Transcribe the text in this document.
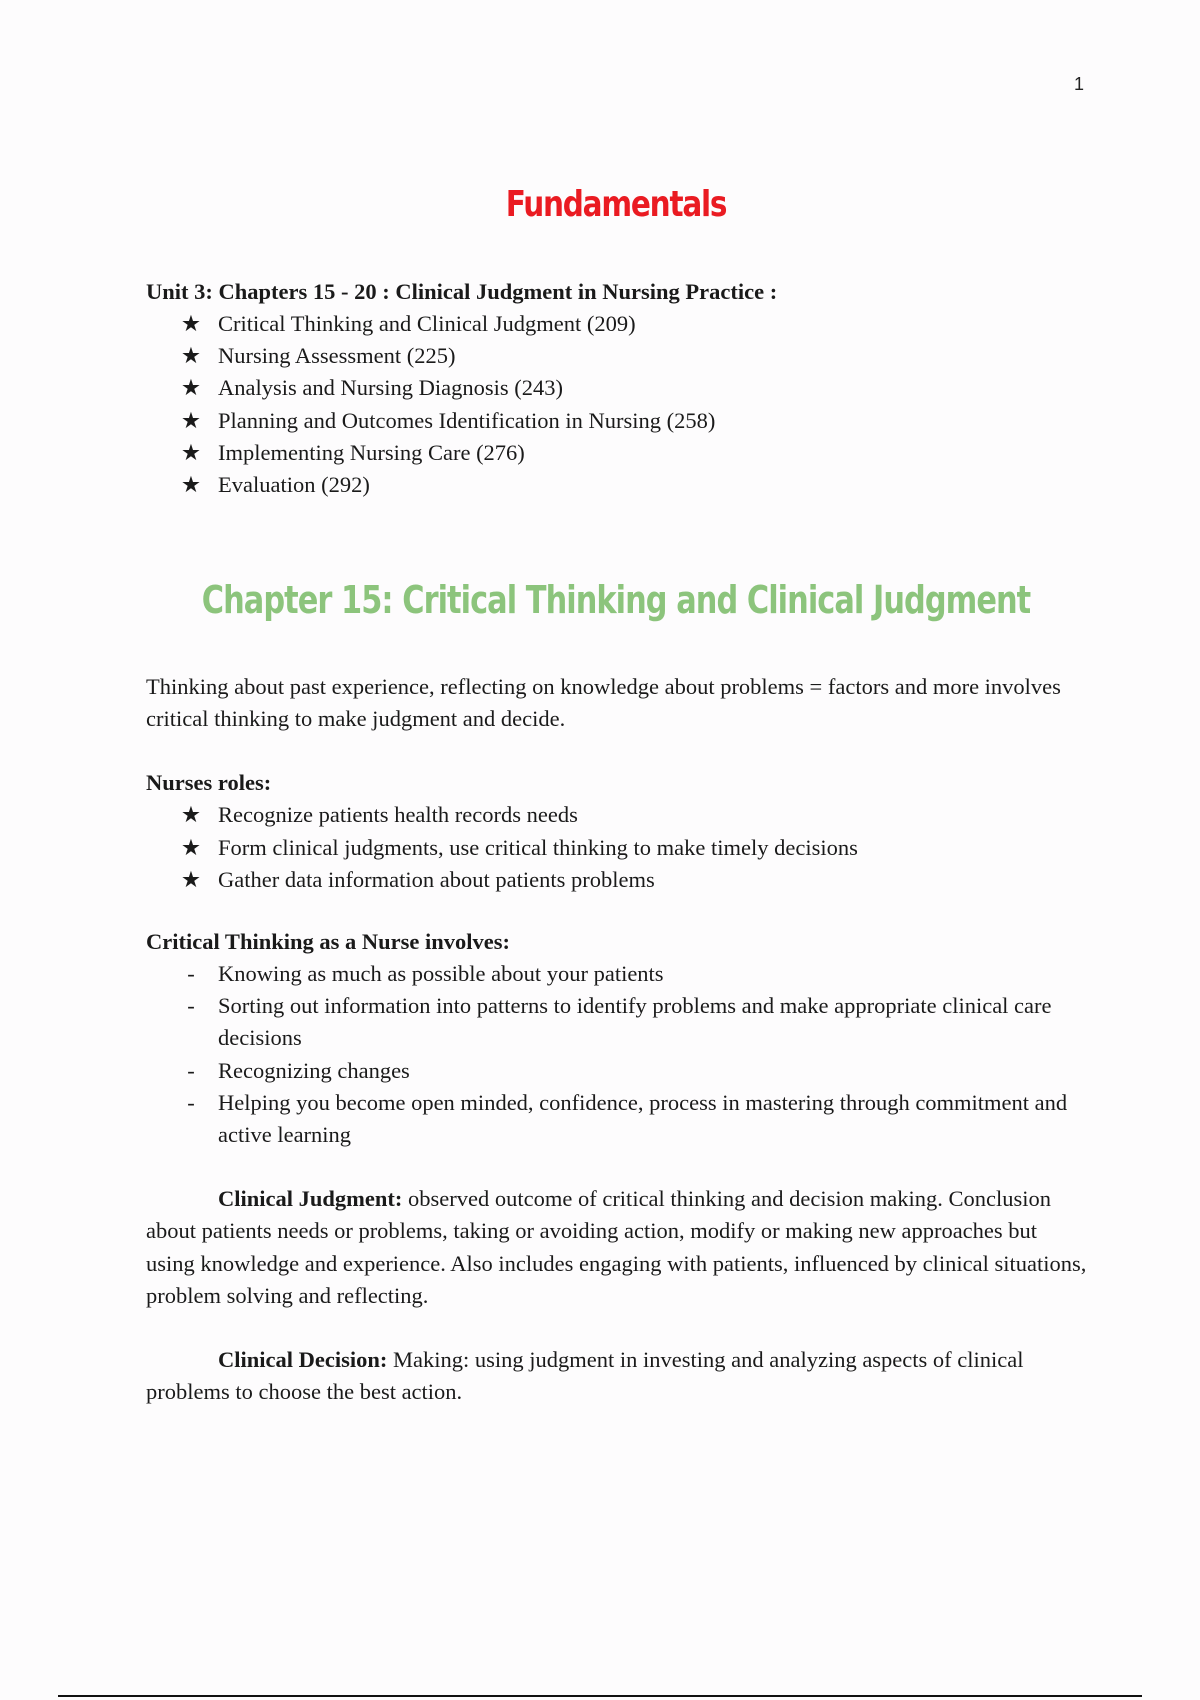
1
Fundamentals

Unit 3: Chapters 15 - 20 : Clinical Judgment in Nursing Practice :

★ Critical Thinking and Clinical Judgment (209)
★ Nursing Assessment (225)
★ Analysis and Nursing Diagnosis (243)
★ Planning and Outcomes Identification in Nursing (258)
★ Implementing Nursing Care (276)
★ Evaluation (292)
Chapter 15: Critical Thinking and Clinical Judgment

Thinking about past experience, reflecting on knowledge about problems = factors and more involves critical thinking to make judgment and decide.

Nurses roles:

★ Recognize patients health records needs
★ Form clinical judgments, use critical thinking to make timely decisions
★ Gather data information about patients problems

Critical Thinking as a Nurse involves:

-	Knowing as much as possible about your patients
-	Sorting out information into patterns to identify problems and make appropriate clinical care decisions
-	Recognizing changes
-	Helping you become open minded, confidence, process in mastering through commitment and active learning

Clinical Judgment: observed outcome of critical thinking and decision making. Conclusion about patients needs or problems, taking or avoiding action, modify or making new approaches but using knowledge and experience. Also includes engaging with patients, influenced by clinical situations, problem solving and reflecting.

Clinical Decision: Making: using judgment in investing and analyzing aspects of clinical problems to choose the best action.
